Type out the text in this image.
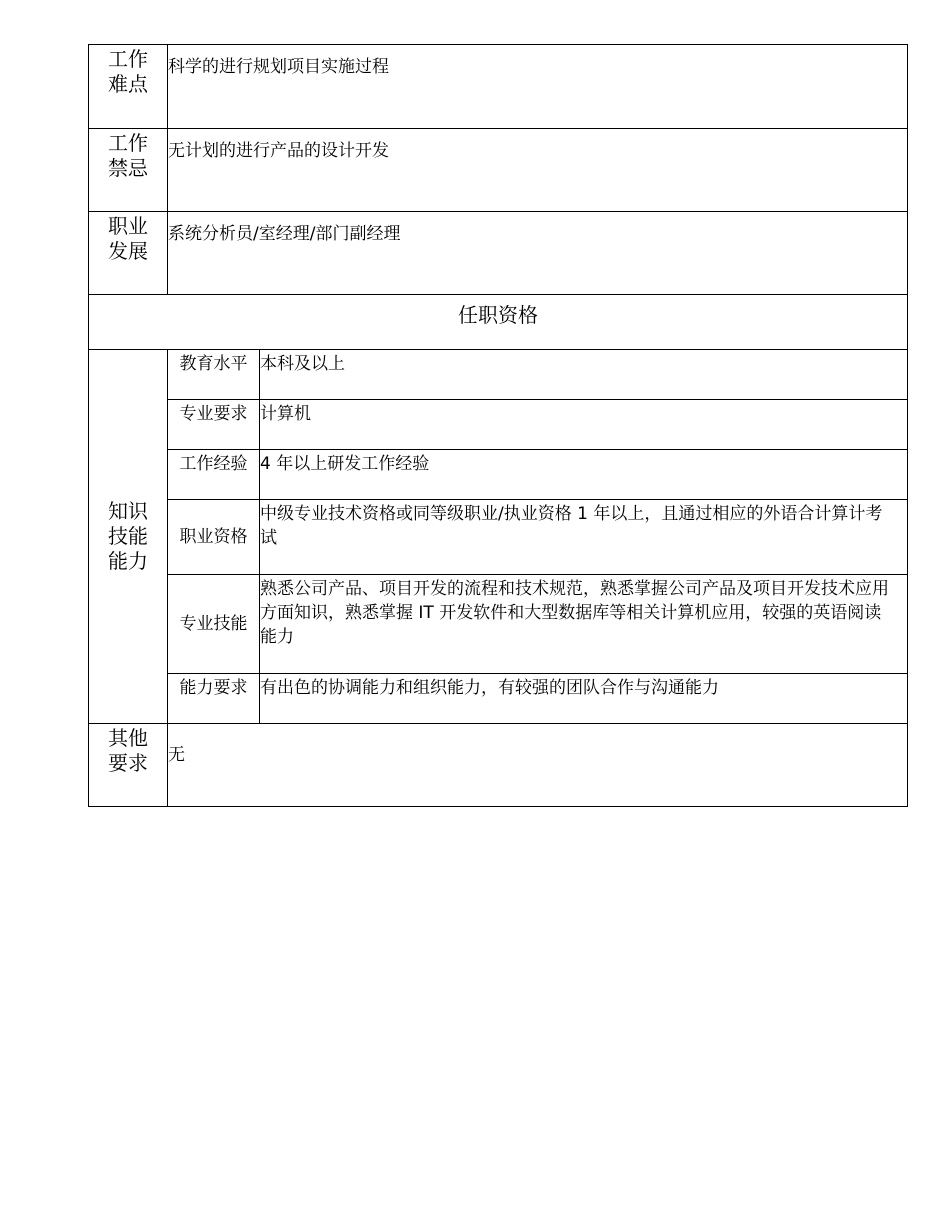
工作难点	科学的进行规划项目实施过程	
工作禁忌	无计划的进行产品的设计开发	
职业发展	系统分析员/室经理/部门副经理	
任职资格		
知识技能能力	教育水平	本科及以上
	专业要求	计算机
	工作经验	4 年以上研发工作经验
	职业资格	中级专业技术资格或同等级职业/执业资格 1 年以上，且通过相应的外语合计算计考试
	专业技能	熟悉公司产品、项目开发的流程和技术规范，熟悉掌握公司产品及项目开发技术应用方面知识，熟悉掌握 IT 开发软件和大型数据库等相关计算机应用，较强的英语阅读能力
	能力要求	有出色的协调能力和组织能力，有较强的团队合作与沟通能力
其他要求	无	
